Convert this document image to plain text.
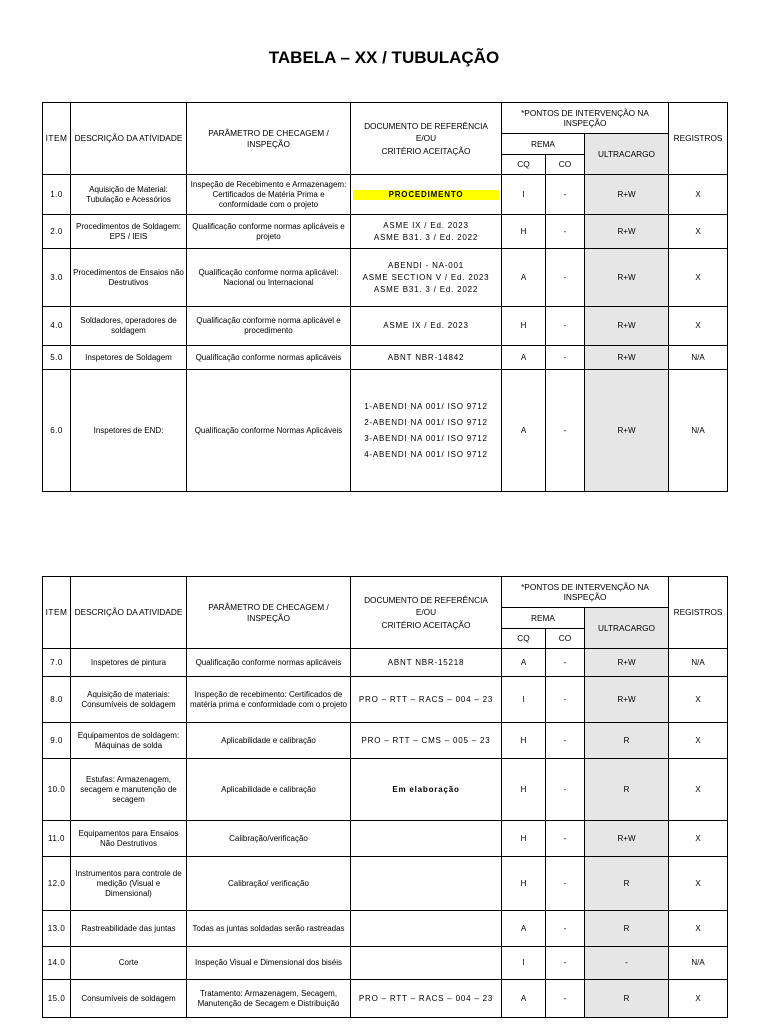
TABELA – XX / TUBULAÇÃO
ITEM	DESCRIÇÃO DA ATIVIDADE	PARÂMETRO DE CHECAGEM / INSPEÇÃO	DOCUMENTO DE REFERÊNCIA
E/OU
CRITÉRIO ACEITAÇÃO	*PONTOS DE INTERVENÇÃO NA INSPEÇÃO			REGISTROS
				REMA		ULTRACARGO	
				CQ	CO		
1.0	Aquisição de Material: Tubulação e Acessórios	Inspeção de Recebimento e Armazenagem: Certificados de Matéria Prima e conformidade com o projeto	PROCEDIMENTO	I	-	R+W	X
2.0	Procedimentos de Soldagem: EPS / IEIS	Qualificação conforme normas aplicáveis e projeto	ASME IX / Ed. 2023
ASME B31. 3 / Ed. 2022	H	-	R+W	X
3.0	Procedimentos de Ensaios não Destrutivos	Qualificação conforme norma aplicável: Nacional ou Internacional	ABENDI - NA-001
ASME SECTION V / Ed. 2023
ASME B31. 3 / Ed. 2022	A	-	R+W	X
4.0	Soldadores, operadores de soldagem	Qualificação conforme norma aplicável e procedimento	ASME IX / Ed. 2023	H	-	R+W	X
5.0	Inspetores de Soldagem	Qualificação conforme normas aplicáveis	ABNT NBR-14842	A	-	R+W	N/A
6.0	Inspetores de END:	Qualificação conforme Normas Aplicáveis	1-ABENDI NA 001/ ISO 9712
2-ABENDI NA 001/ ISO 9712
3-ABENDI NA 001/ ISO 9712
4-ABENDI NA 001/ ISO 9712	A	-	R+W	N/A
ITEM	DESCRIÇÃO DA ATIVIDADE	PARÂMETRO DE CHECAGEM / INSPEÇÃO	DOCUMENTO DE REFERÊNCIA
E/OU
CRITÉRIO ACEITAÇÃO	*PONTOS DE INTERVENÇÃO NA INSPEÇÃO			REGISTROS
				REMA		ULTRACARGO	
				CQ	CO		
7.0	Inspetores de pintura	Qualificação conforme normas aplicáveis	ABNT NBR-15218	A	-	R+W	N/A
8.0	Aquisição de materiais: Consumíveis de soldagem	Inspeção de recebimento: Certificados de matéria prima e conformidade com o projeto	PRO – RTT – RACS – 004 – 23	I	-	R+W	X
9.0	Equipamentos de soldagem: Máquinas de solda	Aplicabilidade e calibração	PRO – RTT – CMS – 005 – 23	H	-	R	X
10.0	Estufas: Armazenagem, secagem e manutenção de secagem	Aplicabilidade e calibração	Em elaboração	H	-	R	X
11.0	Equipamentos para Ensaios Não Destrutivos	Calibração/verificação		H	-	R+W	X
12.0	Instrumentos para controle de medição (Visual e Dimensional)	Calibração/ verificação		H	-	R	X
13.0	Rastreabilidade das juntas	Todas as juntas soldadas serão rastreadas		A	-	R	X
14.0	Corte	Inspeção Visual e Dimensional dos biséis		I	-	-	N/A
15.0	Consumíveis de soldagem	Tratamento: Armazenagem, Secagem, Manutenção de Secagem e Distribuição	PRO – RTT – RACS – 004 – 23	A	-	R	X
